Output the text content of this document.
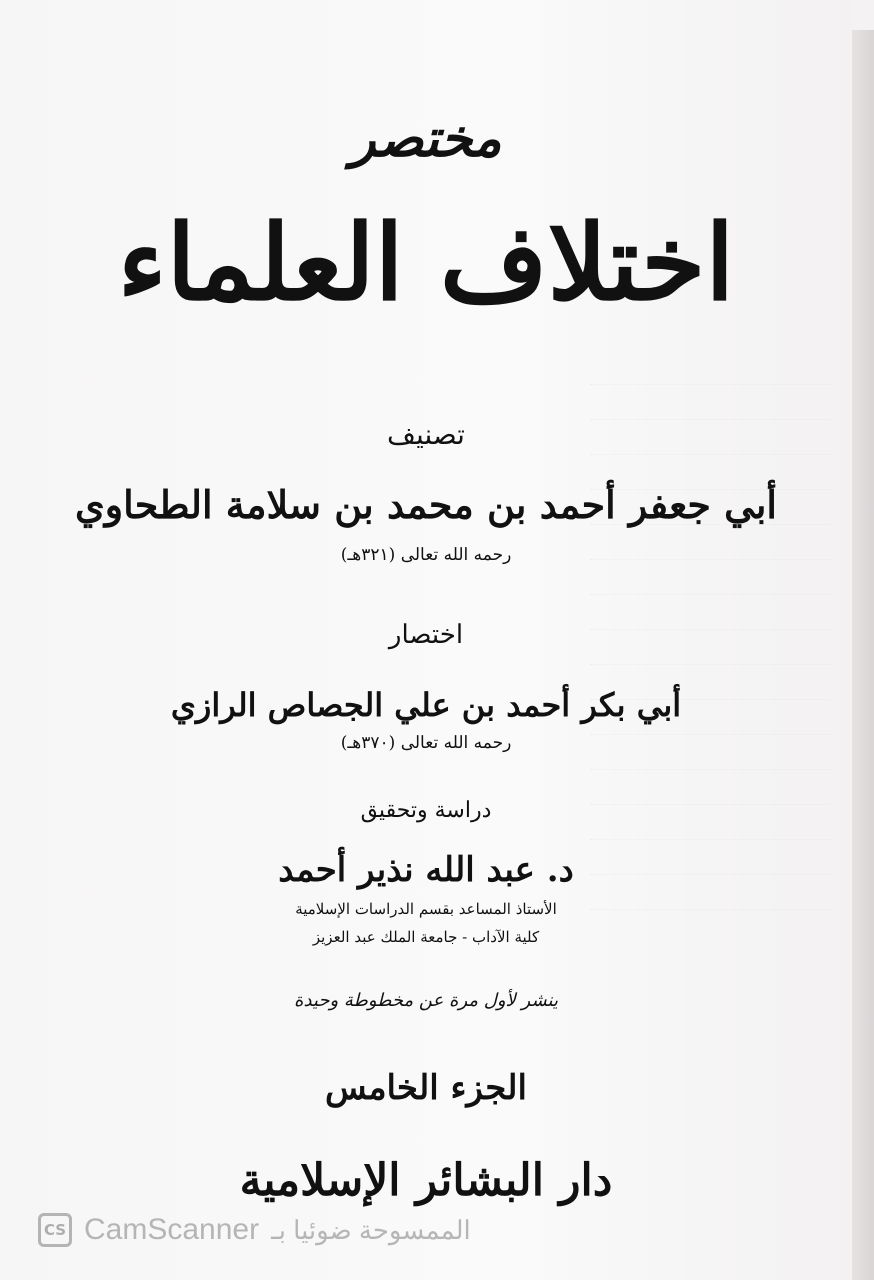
مختصر
اختلاف العلماء
تصنيف
أبي جعفر أحمد بن محمد بن سلامة الطحاوي
رحمه الله تعالى (٣٢١هـ)
اختصار
أبي بكر أحمد بن علي الجصاص الرازي
رحمه الله تعالى (٣٧٠هـ)
دراسة وتحقيق
د. عبد الله نذير أحمد
الأستاذ المساعد بقسم الدراسات الإسلامية
كلية الآداب - جامعة الملك عبد العزيز
ينشر لأول مرة عن مخطوطة وحيدة
الجزء الخامس
دار البشائر الإسلامية
CS CamScanner الممسوحة ضوئيا بـ
